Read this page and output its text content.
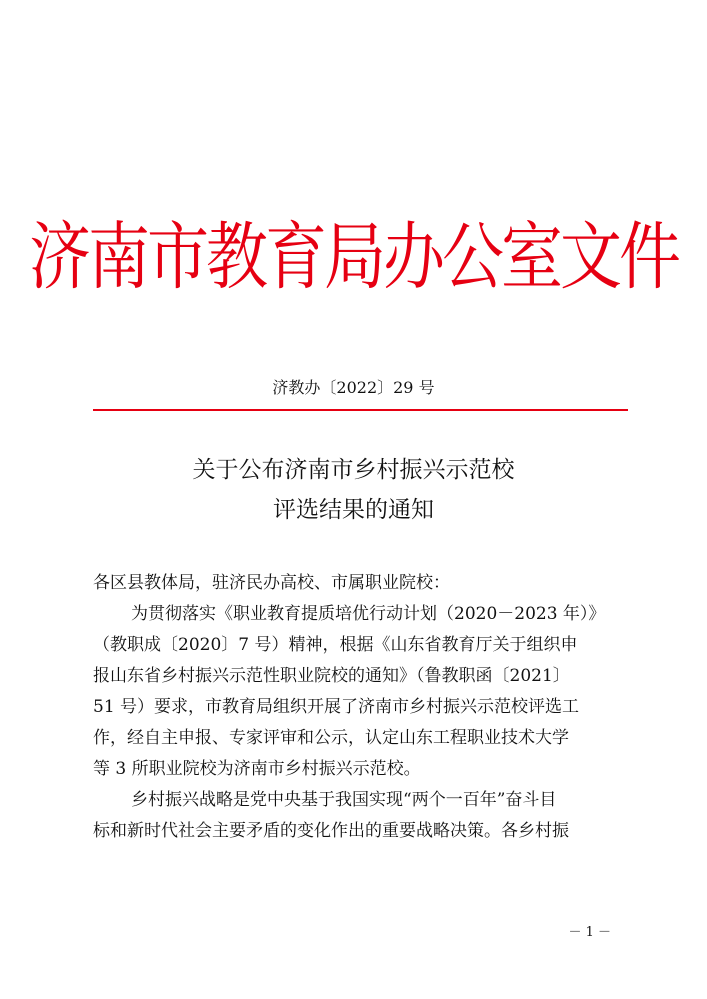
济南市教育局办公室文件
济教办〔2022〕29 号
关于公布济南市乡村振兴示范校
评选结果的通知
各区县教体局，驻济民办高校、市属职业院校：
为贯彻落实《职业教育提质培优行动计划（2020－2023 年）》
（教职成〔2020〕7 号）精神，根据《山东省教育厅关于组织申
报山东省乡村振兴示范性职业院校的通知》（鲁教职函〔2021〕
51 号）要求，市教育局组织开展了济南市乡村振兴示范校评选工
作，经自主申报、专家评审和公示，认定山东工程职业技术大学
等 3 所职业院校为济南市乡村振兴示范校。
乡村振兴战略是党中央基于我国实现“两个一百年”奋斗目
标和新时代社会主要矛盾的变化作出的重要战略决策。各乡村振
－ 1 －
